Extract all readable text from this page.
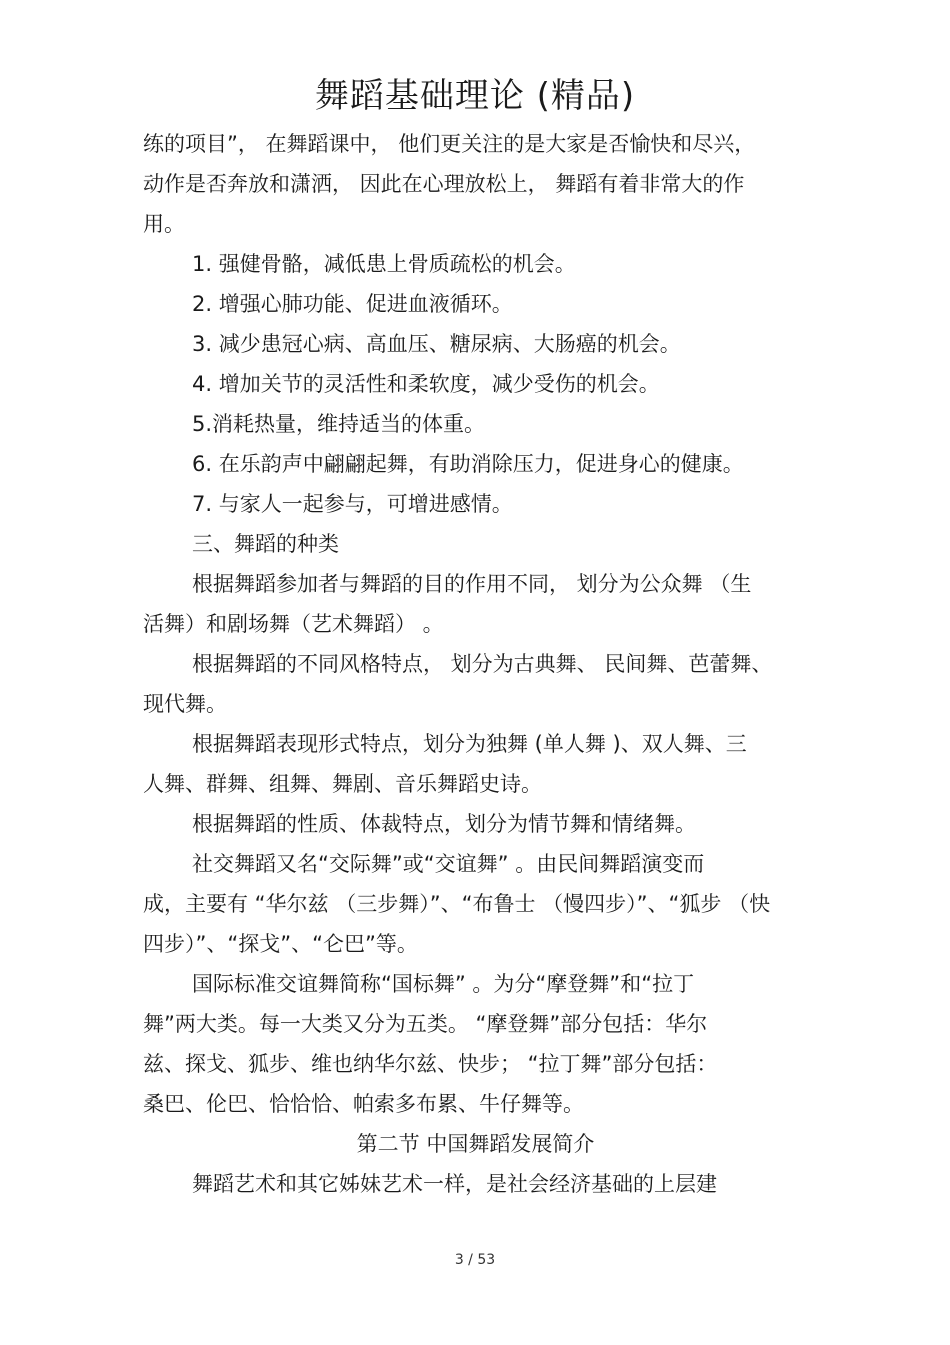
舞蹈基础理论 (精品)
练的项目”， 在舞蹈课中， 他们更关注的是大家是否愉快和尽兴，
动作是否奔放和潇洒， 因此在心理放松上， 舞蹈有着非常大的作
用。
1. 强健骨骼，减低患上骨质疏松的机会。
2. 增强心肺功能、促进血液循环。
3. 减少患冠心病、高血压、糖尿病、大肠癌的机会。
4. 增加关节的灵活性和柔软度，减少受伤的机会。
5.消耗热量，维持适当的体重。
6. 在乐韵声中翩翩起舞，有助消除压力，促进身心的健康。
7. 与家人一起参与，可增进感情。
三、舞蹈的种类
根据舞蹈参加者与舞蹈的目的作用不同， 划分为公众舞 （生
活舞）和剧场舞（艺术舞蹈） 。
根据舞蹈的不同风格特点， 划分为古典舞、 民间舞、芭蕾舞、
现代舞。
根据舞蹈表现形式特点，划分为独舞 (单人舞 )、双人舞、三
人舞、群舞、组舞、舞剧、音乐舞蹈史诗。
根据舞蹈的性质、体裁特点，划分为情节舞和情绪舞。
社交舞蹈又名“交际舞”或“交谊舞” 。由民间舞蹈演变而
成，主要有 “华尔兹 （三步舞）”、“布鲁士 （慢四步）”、“狐步 （快
四步）”、“探戈”、“仑巴”等。
国际标准交谊舞简称“国标舞” 。为分“摩登舞”和“拉丁
舞”两大类。每一大类又分为五类。 “摩登舞”部分包括：华尔
兹、探戈、狐步、维也纳华尔兹、快步； “拉丁舞”部分包括：
桑巴、伦巴、恰恰恰、帕索多布累、牛仔舞等。
第二节 中国舞蹈发展简介
舞蹈艺术和其它姊妹艺术一样，是社会经济基础的上层建
3 / 53
